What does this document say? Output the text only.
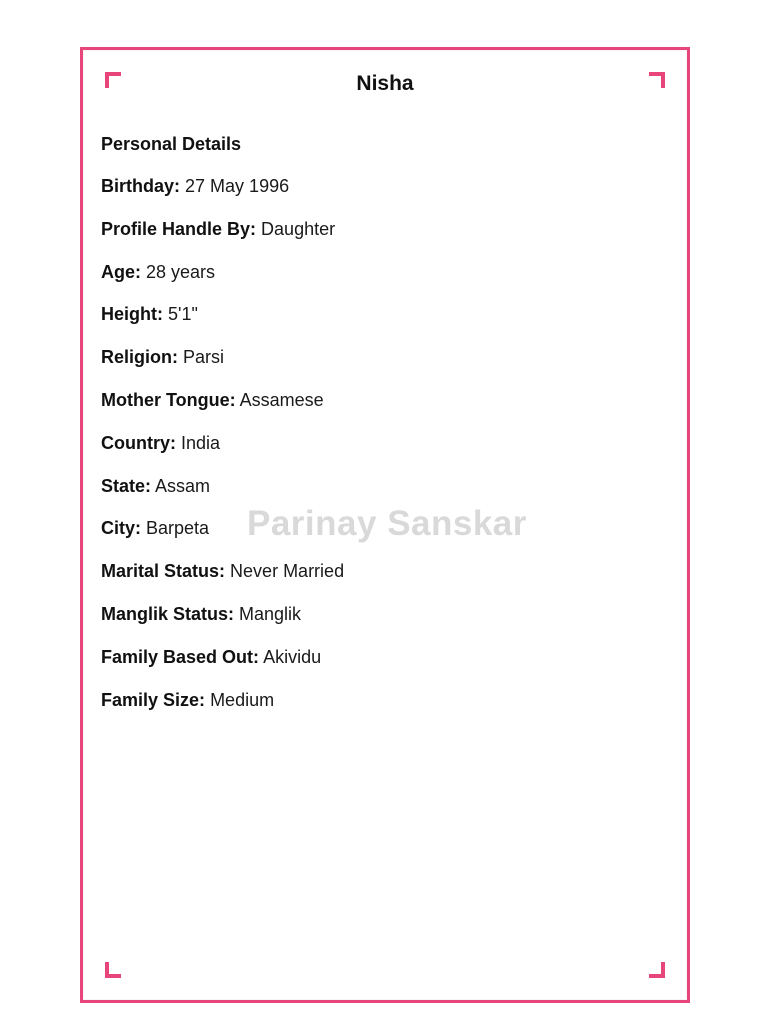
Nisha
Personal Details
Birthday: 27 May 1996
Profile Handle By: Daughter
Age: 28 years
Height: 5'1"
Religion: Parsi
Mother Tongue: Assamese
Country: India
State: Assam
City: Barpeta
Marital Status: Never Married
Manglik Status: Manglik
Family Based Out: Akividu
Family Size: Medium
Parinay Sanskar
